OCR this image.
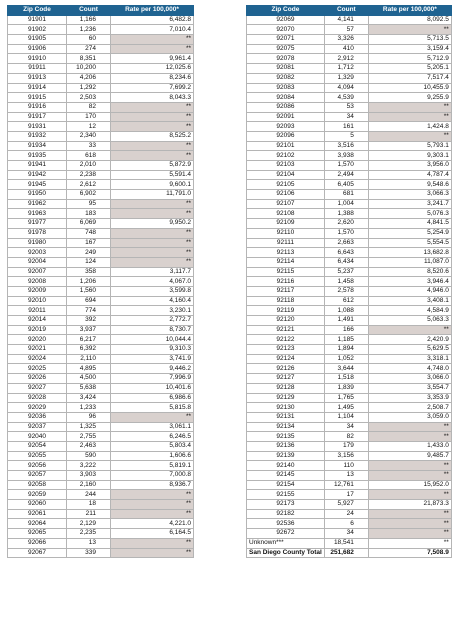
Zip Code	Count	Rate per 100,000*
91901	1,166	6,482.8
91902	1,236	7,010.4
91905	60	**
91906	274	**
91910	8,351	9,961.4
91911	10,200	12,025.6
91913	4,206	8,234.6
91914	1,292	7,699.2
91915	2,503	8,043.3
91916	82	**
91917	170	**
91931	12	**
91932	2,340	8,525.2
91934	33	**
91935	618	**
91941	2,010	5,872.9
91942	2,238	5,591.4
91945	2,612	9,600.1
91950	6,902	11,791.0
91962	95	**
91963	183	**
91977	6,069	9,950.2
91978	748	**
91980	167	**
92003	249	**
92004	124	**
92007	358	3,117.7
92008	1,206	4,067.0
92009	1,560	3,599.8
92010	694	4,160.4
92011	774	3,230.1
92014	392	2,772.7
92019	3,937	8,730.7
92020	6,217	10,044.4
92021	6,392	9,310.3
92024	2,110	3,741.9
92025	4,895	9,446.2
92026	4,500	7,996.9
92027	5,638	10,401.6
92028	3,424	6,986.6
92029	1,233	5,815.8
92036	96	**
92037	1,325	3,061.1
92040	2,755	6,246.5
92054	2,463	5,803.4
92055	590	1,606.6
92056	3,222	5,819.1
92057	3,903	7,000.8
92058	2,160	8,936.7
92059	244	**
92060	18	**
92061	211	**
92064	2,129	4,221.0
92065	2,235	6,164.5
92066	13	**
92067	339	**
Zip Code	Count	Rate per 100,000*
92069	4,141	8,092.5
92070	57	**
92071	3,326	5,713.5
92075	410	3,159.4
92078	2,912	5,712.9
92081	1,712	5,205.1
92082	1,329	7,517.4
92083	4,094	10,455.9
92084	4,539	9,255.9
92086	53	**
92091	34	**
92093	161	1,424.8
92096	5	**
92101	3,516	5,793.1
92102	3,938	9,303.1
92103	1,570	3,956.0
92104	2,494	4,787.4
92105	6,405	9,548.6
92106	681	3,066.3
92107	1,004	3,241.7
92108	1,388	5,076.3
92109	2,620	4,841.5
92110	1,570	5,254.9
92111	2,663	5,554.5
92113	6,643	13,682.8
92114	6,434	11,087.0
92115	5,237	8,520.6
92116	1,458	3,946.4
92117	2,578	4,946.0
92118	612	3,408.1
92119	1,088	4,584.9
92120	1,491	5,063.3
92121	166	**
92122	1,185	2,420.9
92123	1,894	5,629.5
92124	1,052	3,318.1
92126	3,644	4,748.0
92127	1,518	3,066.0
92128	1,839	3,554.7
92129	1,765	3,353.9
92130	1,495	2,508.7
92131	1,104	3,059.0
92134	34	**
92135	82	**
92136	179	1,433.0
92139	3,156	9,485.7
92140	110	**
92145	13	**
92154	12,761	15,952.0
92155	17	**
92173	5,927	21,873.3
92182	24	**
92536	6	**
92672	34	**
Unknown***	18,541	**
San Diego County Total	251,682	7,508.9
